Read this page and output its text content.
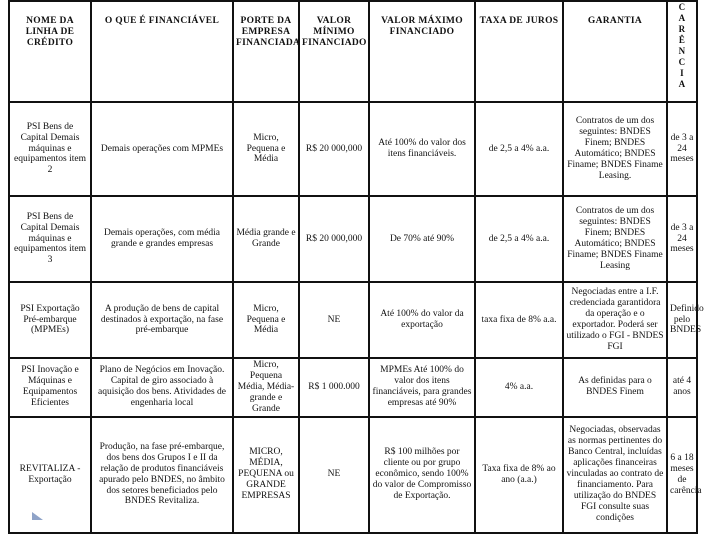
NOME DA LINHA DE CRÉDITO	O QUE É FINANCIÁVEL	PORTE DA EMPRESA FINANCIADA	VALOR MÍNIMO FINANCIADO	VALOR MÁXIMO FINANCIADO	TAXA DE JUROS	GARANTIA	CARÊNCIA
PSI Bens de Capital Demais máquinas e equipamentos item 2	Demais operações com MPMEs	Micro, Pequena e Média	R$ 20 000,000	Até 100% do valor dos itens financiáveis.	de 2,5 a 4% a.a.	Contratos de um dos seguintes: BNDES Finem; BNDES Automático; BNDES Finame; BNDES Finame Leasing.	de 3 a 24 meses
PSI Bens de Capital Demais máquinas e equipamentos item 3	Demais operações, com média grande e grandes empresas	Média grande e Grande	R$ 20 000,000	De 70% até 90%	de 2,5 a 4% a.a.	Contratos de um dos seguintes: BNDES Finem; BNDES Automático; BNDES Finame; BNDES Finame Leasing	de 3 a 24 meses
PSI Exportação Pré-embarque (MPMEs)	A produção de bens de capital destinados à exportação, na fase pré-embarque	Micro, Pequena e Média	NE	Até 100% do valor da exportação	taxa fixa de 8% a.a.	Negociadas entre a I.F. credenciada garantidora da operação e o exportador. Poderá ser utilizado o FGI - BNDES FGI	Definido pelo BNDES
PSI Inovação e Máquinas e Equipamentos Eficientes	Plano de Negócios em Inovação. Capital de giro associado à aquisição dos bens. Atividades de engenharia local	Micro, Pequena Média, Média-grande e Grande	R$ 1 000.000	MPMEs Até 100% do valor dos itens financiáveis, para grandes empresas até 90%	4% a.a.	As definidas para o BNDES Finem	até 4 anos
REVITALIZA - Exportação	Produção, na fase pré-embarque, dos bens dos Grupos I e II da relação de produtos financiáveis apurado pelo BNDES, no âmbito dos setores beneficiados pelo BNDES Revitaliza.	MICRO, MÉDIA, PEQUENA ou GRANDE EMPRESAS	NE	R$ 100 milhões por cliente ou por grupo econômico, sendo 100% do valor de Compromisso de Exportação.	Taxa fixa de 8% ao ano (a.a.)	Negociadas, observadas as normas pertinentes do Banco Central, incluídas aplicações financeiras vinculadas ao contrato de financiamento. Para utilização do BNDES FGI consulte suas condições	6 a 18 meses de carência
